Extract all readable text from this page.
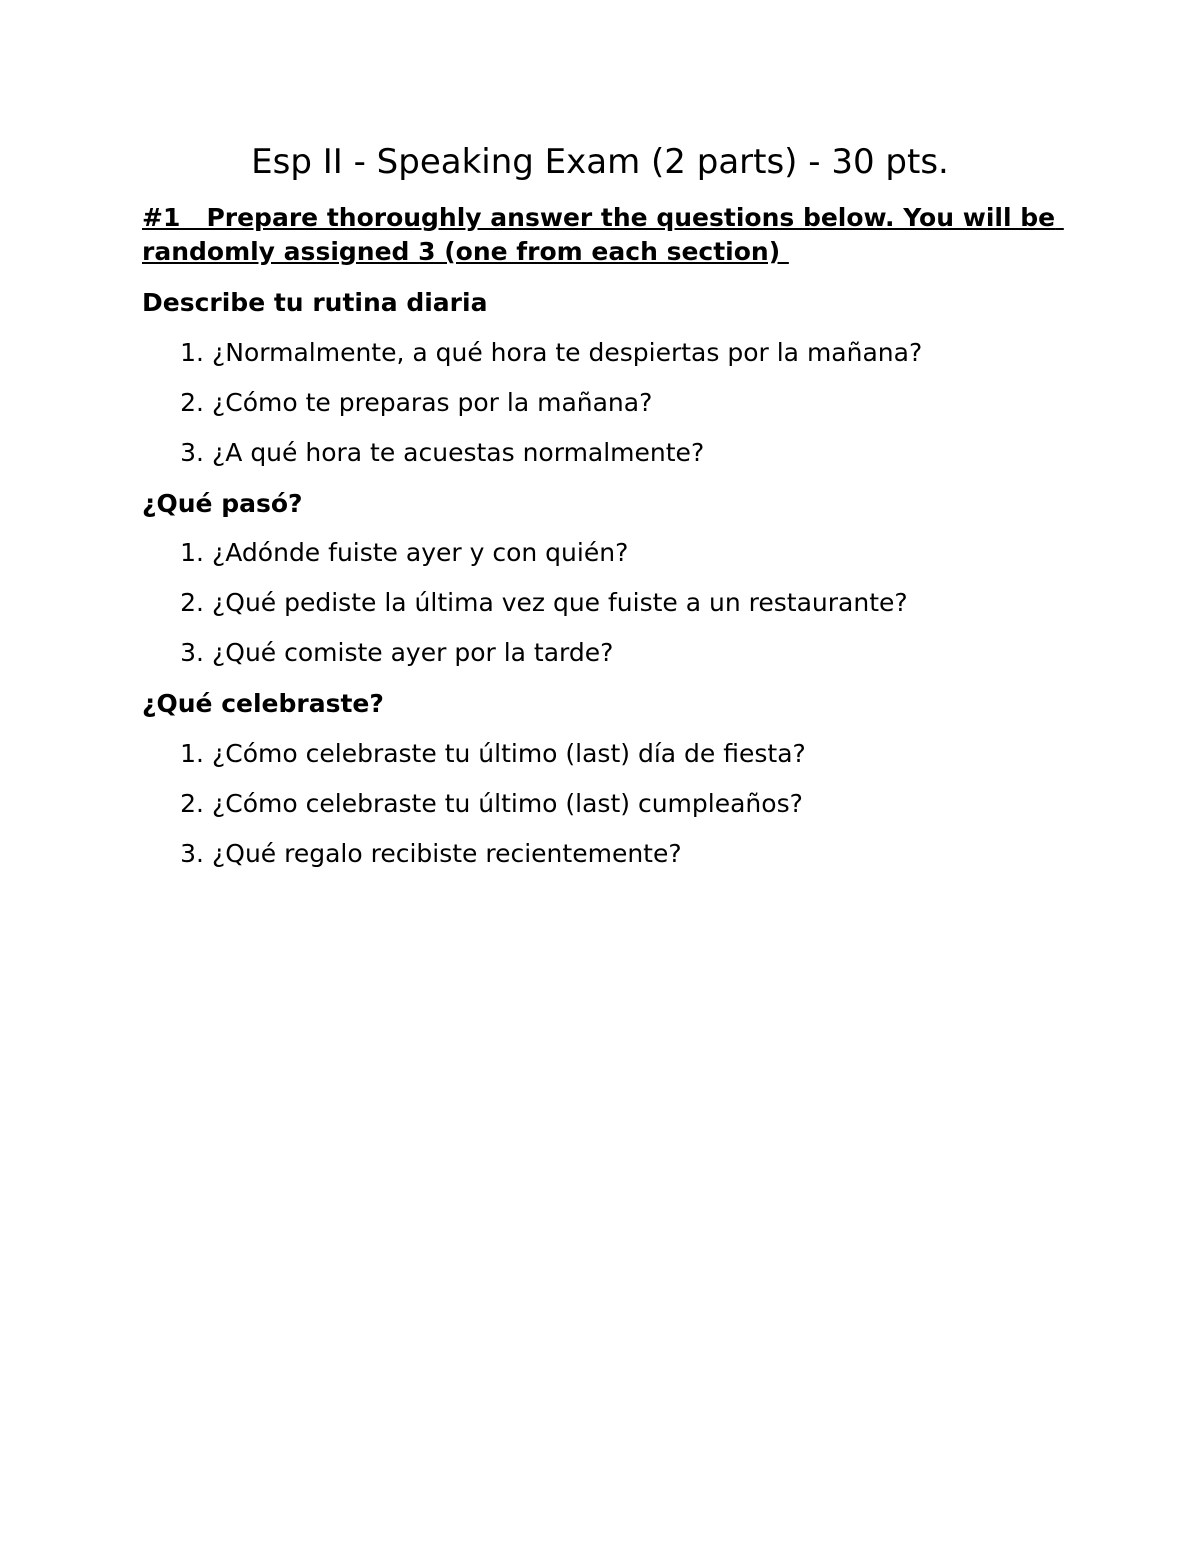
Esp II - Speaking Exam (2 parts) - 30 pts.

#1   Prepare thoroughly answer the questions below. You will be randomly assigned 3 (one from each section)

Describe tu rutina diaria
1. ¿Normalmente, a qué hora te despiertas por la mañana?
2. ¿Cómo te preparas por la mañana?
3. ¿A qué hora te acuestas normalmente?
¿Qué pasó?
1. ¿Adónde fuiste ayer y con quién?
2. ¿Qué pediste la última vez que fuiste a un restaurante?
3. ¿Qué comiste ayer por la tarde?
¿Qué celebraste?
1. ¿Cómo celebraste tu último (last) día de fiesta?
2. ¿Cómo celebraste tu último (last) cumpleaños?
3. ¿Qué regalo recibiste recientemente?
